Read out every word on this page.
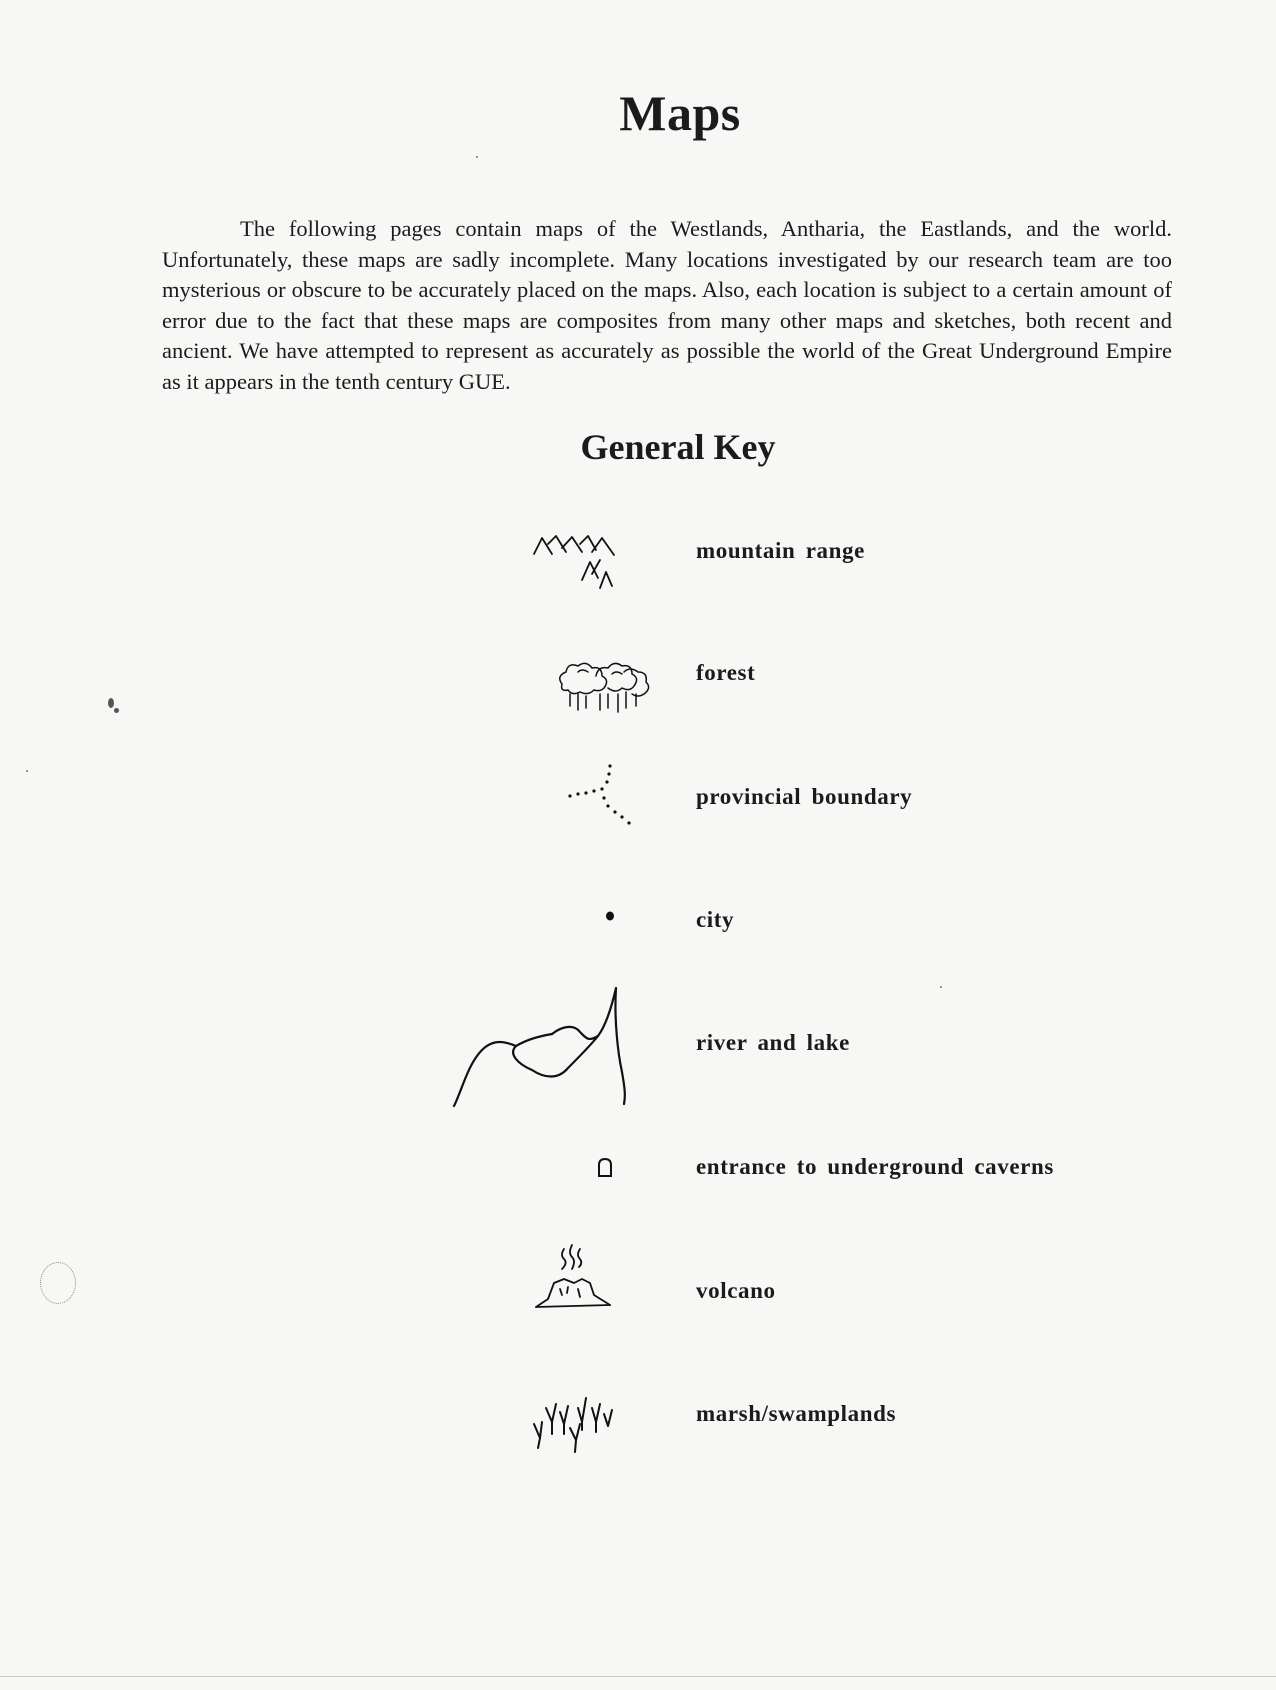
Maps

The following pages contain maps of the Westlands, Antharia, the Eastlands, and the world. Unfortunately, these maps are sadly incomplete. Many locations investigated by our research team are too mysterious or obscure to be accurately placed on the maps. Also, each location is subject to a certain amount of error due to the fact that these maps are composites from many other maps and sketches, both recent and ancient. We have attempted to represent as accurately as possible the world of the Great Underground Empire as it appears in the tenth century GUE.

General Key
mountain range
forest
provincial boundary
city
river and lake
entrance to underground caverns
volcano
marsh/swamplands
